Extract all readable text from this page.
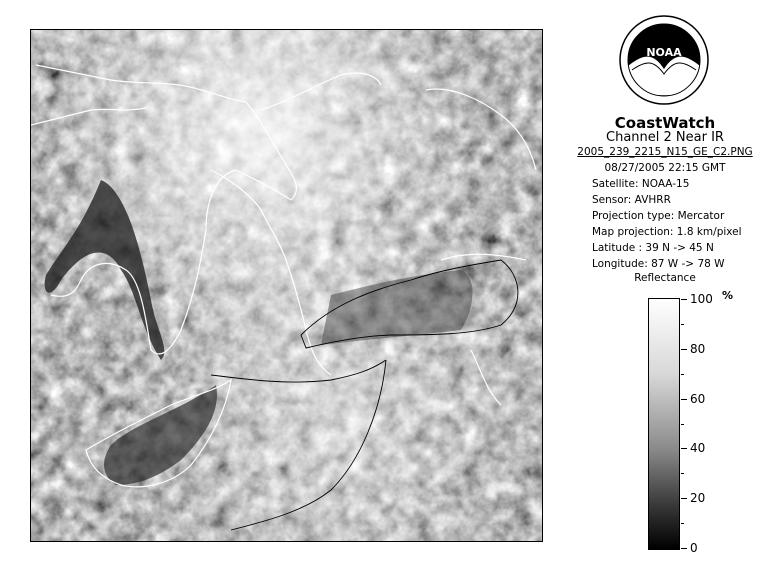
NOAA
CoastWatch
Channel 2 Near IR
2005_239_2215_N15_GE_C2.PNG
08/27/2005 22:15 GMT
Satellite: NOAA-15
Sensor: AVHRR
Projection type: Mercator
Map projection: 1.8 km/pixel
Latitude : 39 N -> 45 N
Longitude: 87 W -> 78 W
Reflectance
%
100
80
60
40
20
0
